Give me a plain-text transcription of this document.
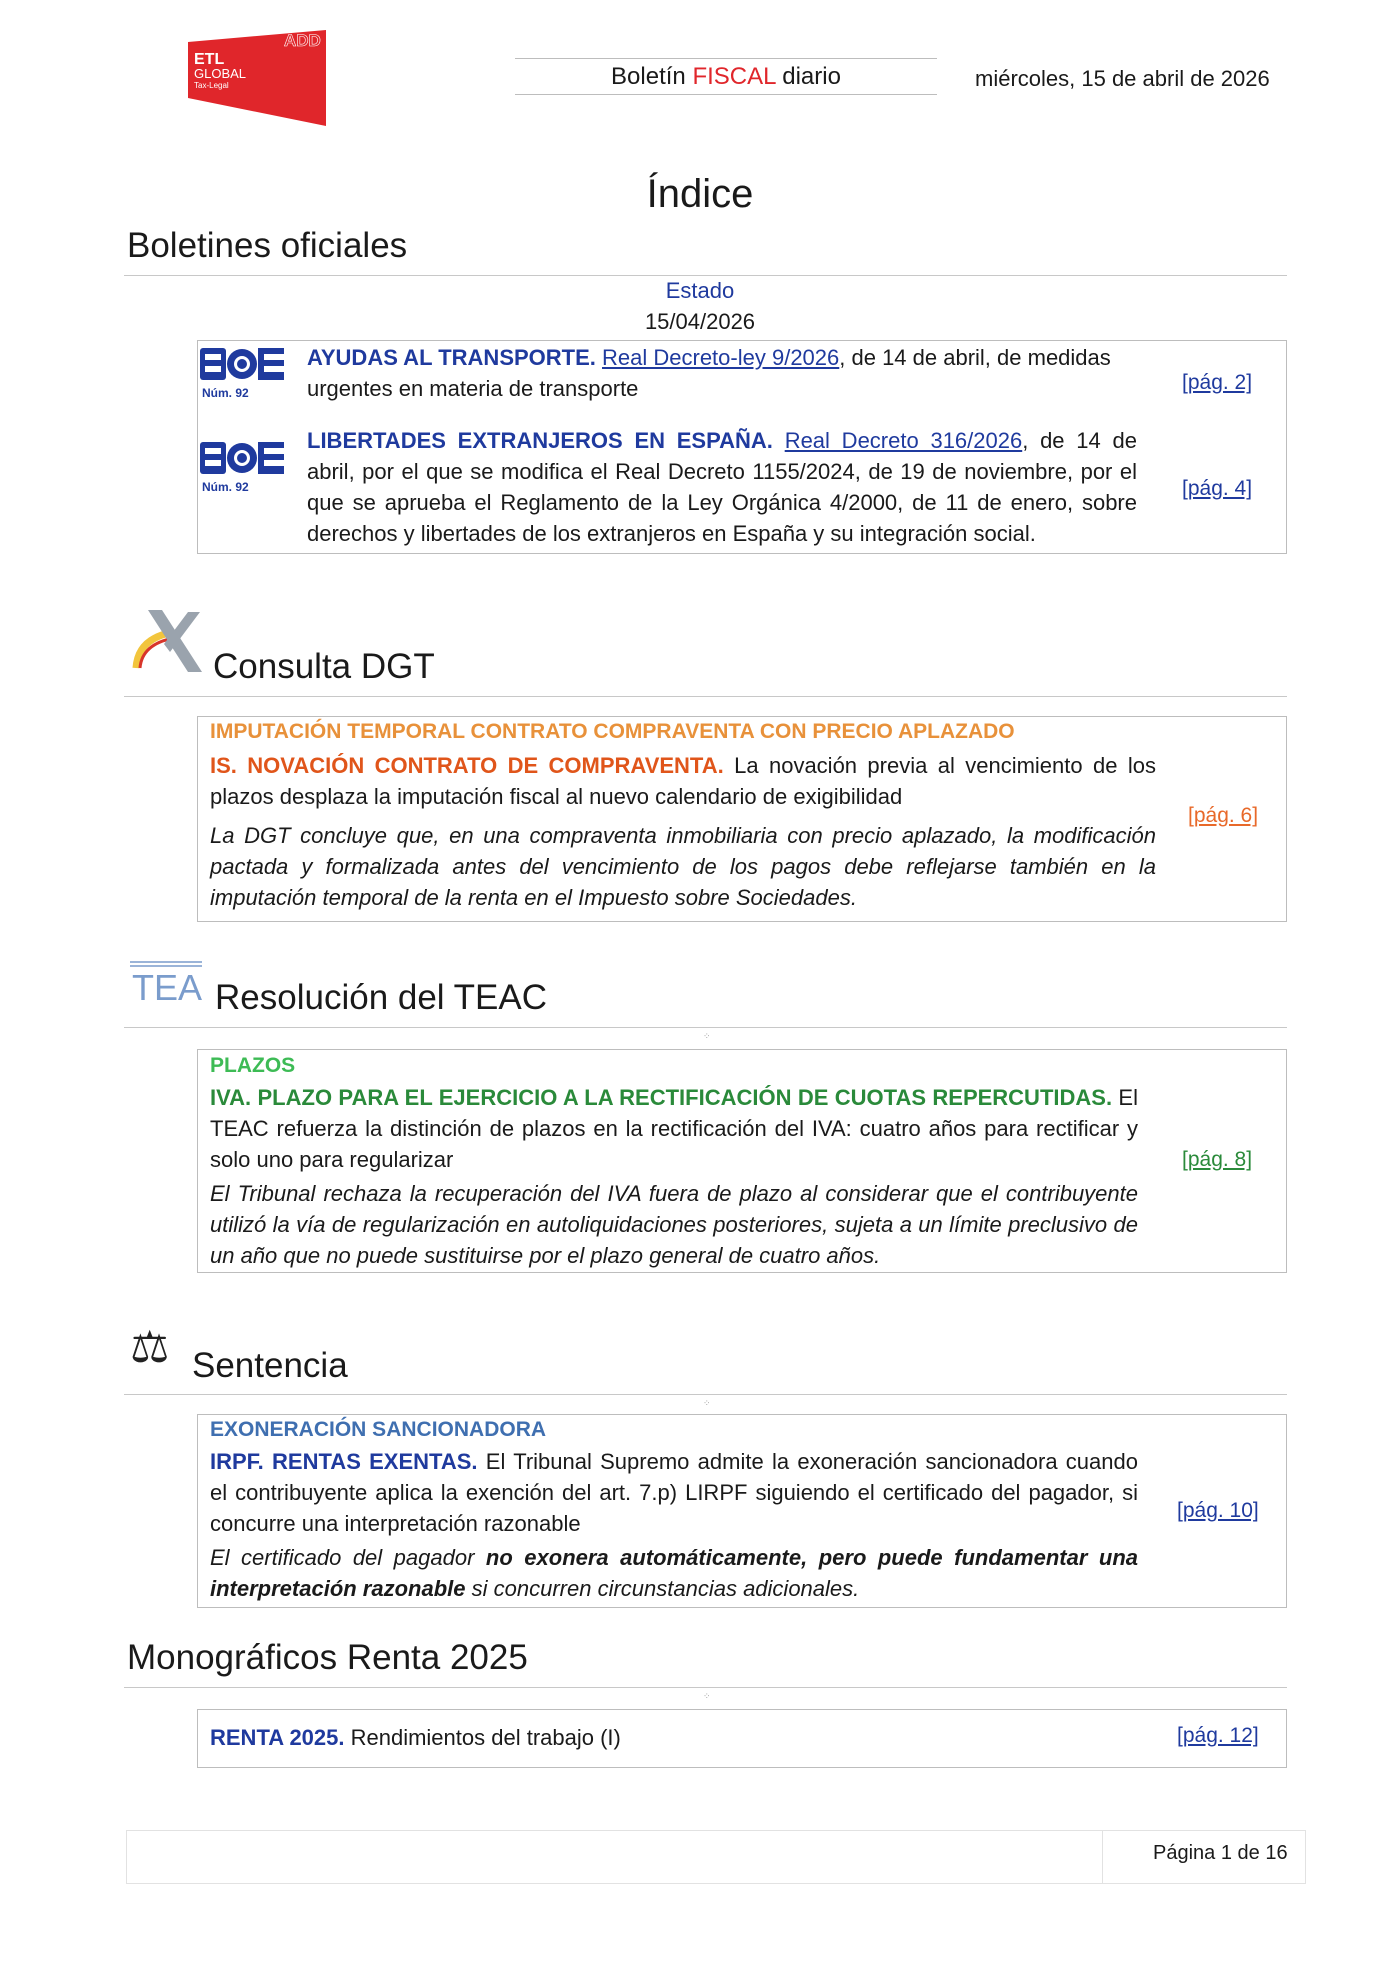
ADD
ETL
GLOBAL
Tax-Legal	Boletín FISCAL diario	miércoles, 15 de abril de 2026
Índice
Boletines oficiales
Estado
15/04/2026
Núm. 92
AYUDAS AL TRANSPORTE. Real Decreto-ley 9/2026, de 14 de abril, de medidas urgentes en materia de transporte	[pág. 2]
Núm. 92
LIBERTADES EXTRANJEROS EN ESPAÑA. Real Decreto 316/2026, de 14 de abril, por el que se modifica el Real Decreto 1155/2024, de 19 de noviembre, por el que se aprueba el Reglamento de la Ley Orgánica 4/2000, de 11 de enero, sobre derechos y libertades de los extranjeros en España y su integración social.
[pág. 4]
Consulta DGT
IMPUTACIÓN TEMPORAL CONTRATO COMPRAVENTA CON PRECIO APLAZADO
IS. NOVACIÓN CONTRATO DE COMPRAVENTA. La novación previa al vencimiento de los plazos desplaza la imputación fiscal al nuevo calendario de exigibilidad
La DGT concluye que, en una compraventa inmobiliaria con precio aplazado, la modificación pactada y formalizada antes del vencimiento de los pagos debe reflejarse también en la imputación temporal de la renta en el Impuesto sobre Sociedades.
[pág. 6]
TEA Resolución del TEAC
⁘
PLAZOS
IVA. PLAZO PARA EL EJERCICIO A LA RECTIFICACIÓN DE CUOTAS REPERCUTIDAS. El TEAC refuerza la distinción de plazos en la rectificación del IVA: cuatro años para rectificar y solo uno para regularizar
El Tribunal rechaza la recuperación del IVA fuera de plazo al considerar que el contribuyente utilizó la vía de regularización en autoliquidaciones posteriores, sujeta a un límite preclusivo de un año que no puede sustituirse por el plazo general de cuatro años.
[pág. 8]
⚖ Sentencia
⁘
EXONERACIÓN SANCIONADORA
IRPF. RENTAS EXENTAS. El Tribunal Supremo admite la exoneración sancionadora cuando el contribuyente aplica la exención del art. 7.p) LIRPF siguiendo el certificado del pagador, si concurre una interpretación razonable
El certificado del pagador no exonera automáticamente, pero puede fundamentar una interpretación razonable si concurren circunstancias adicionales.
[pág. 10]
Monográficos Renta 2025
⁘
RENTA 2025. Rendimientos del trabajo (I)	[pág. 12]
Página 1 de 16
